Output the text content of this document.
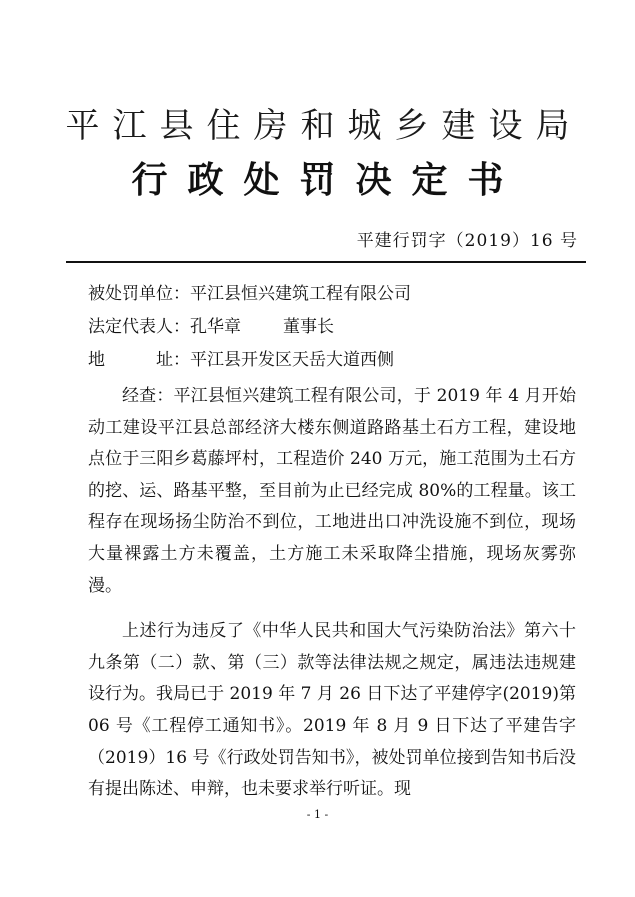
平江县住房和城乡建设局
行政处罚决定书
平建行罚字（2019）16 号
被处罚单位：平江县恒兴建筑工程有限公司
法定代表人：孔华章 董事长
地	址：平江县开发区天岳大道西侧

经查：平江县恒兴建筑工程有限公司，于 2019 年 4 月开始动工建设平江县总部经济大楼东侧道路路基土石方工程，建设地点位于三阳乡葛藤坪村，工程造价 240 万元，施工范围为土石方的挖、运、路基平整，至目前为止已经完成 80%的工程量。该工程存在现场扬尘防治不到位，工地进出口冲洗设施不到位，现场大量裸露土方未覆盖，土方施工未采取降尘措施，现场灰雾弥漫。

上述行为违反了《中华人民共和国大气污染防治法》第六十九条第（二）款、第（三）款等法律法规之规定，属违法违规建设行为。我局已于 2019 年 7 月 26 日下达了平建停字(2019)第 06 号《工程停工通知书》。2019 年 8 月 9 日下达了平建告字（2019）16 号《行政处罚告知书》，被处罚单位接到告知书后没有提出陈述、申辩，也未要求举行听证。现

- 1 -
